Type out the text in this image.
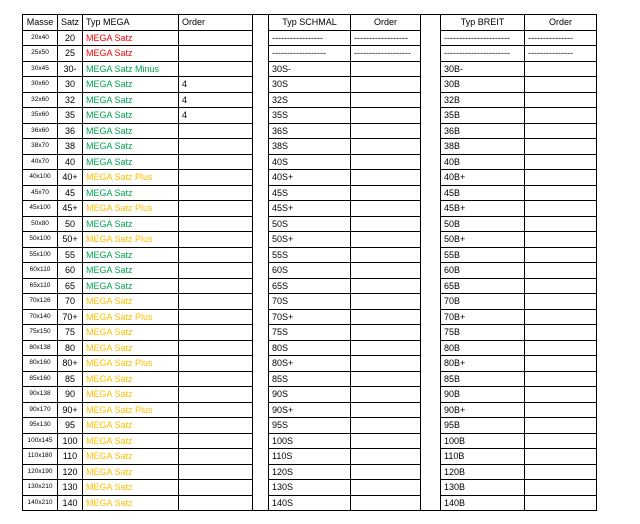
Masse	Satz	Typ MEGA	Order		Typ SCHMAL	Order		Typ BREIT	Order
20x40	20	MEGA Satz			-----------------	------------------		----------------------	---------------
25x50	25	MEGA Satz			------------------	-------------------		----------------------	---------------
30x45	30-	MEGA Satz Minus			30S-			30B-	
30x60	30	MEGA Satz	4		30S			30B	
32x60	32	MEGA Satz	4		32S			32B	
35x60	35	MEGA Satz	4		35S			35B	
36x60	36	MEGA Satz			36S			36B	
38x70	38	MEGA Satz			38S			38B	
40x70	40	MEGA Satz			40S			40B	
40x100	40+	MEGA Satz Plus			40S+			40B+	
45x70	45	MEGA Satz			45S			45B	
45x100	45+	MEGA Satz Plus			45S+			45B+	
50x80	50	MEGA Satz			50S			50B	
50x100	50+	MEGA Satz Plus			50S+			50B+	
55x100	55	MEGA Satz			55S			55B	
60x110	60	MEGA Satz			60S			60B	
65x110	65	MEGA Satz			65S			65B	
70x126	70	MEGA Satz			70S			70B	
70x140	70+	MEGA Satz Plus			70S+			70B+	
75x150	75	MEGA Satz			75S			75B	
80x138	80	MEGA Satz			80S			80B	
80x160	80+	MEGA Satz Plus			80S+			80B+	
85x160	85	MEGA Satz			85S			85B	
90x138	90	MEGA Satz			90S			90B	
90x170	90+	MEGA Satz Plus			90S+			90B+	
95x130	95	MEGA Satz			95S			95B	
100x145	100	MEGA Satz			100S			100B	
110x180	110	MEGA Satz			110S			110B	
120x190	120	MEGA Satz			120S			120B	
130x210	130	MEGA Satz			130S			130B	
140x210	140	MEGA Satz			140S			140B	
